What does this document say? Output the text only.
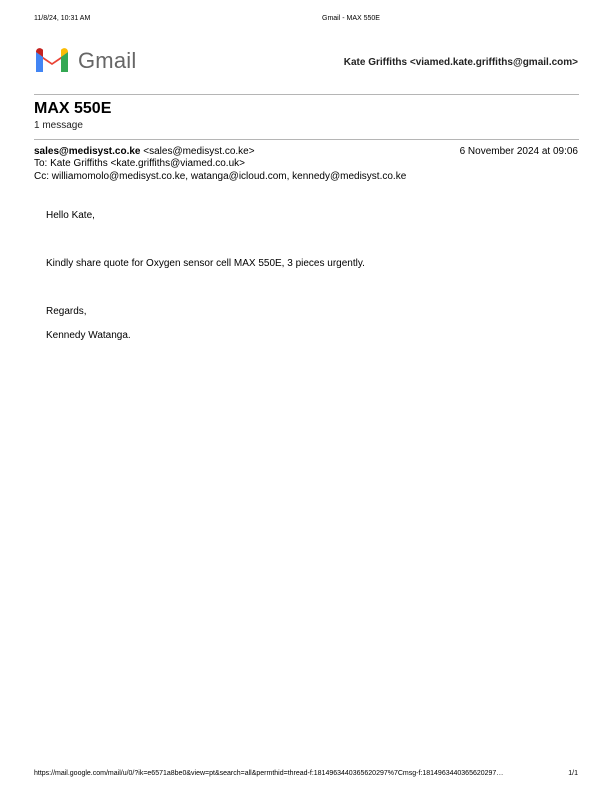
11/8/24, 10:31 AM	Gmail - MAX 550E
Gmail	Kate Griffiths <viamed.kate.griffiths@gmail.com>
MAX 550E
1 message
sales@medisyst.co.ke <sales@medisyst.co.ke>	6 November 2024 at 09:06
To: Kate Griffiths <kate.griffiths@viamed.co.uk>
Cc: williamomolo@medisyst.co.ke, watanga@icloud.com, kennedy@medisyst.co.ke
Hello Kate,
Kindly share quote for Oxygen sensor cell MAX 550E, 3 pieces urgently.
Regards,
Kennedy Watanga.
https://mail.google.com/mail/u/0/?ik=e6571a8be0&view=pt&search=all&permthid=thread-f:1814963440365620297%7Cmsg-f:1814963440365620297…	1/1
